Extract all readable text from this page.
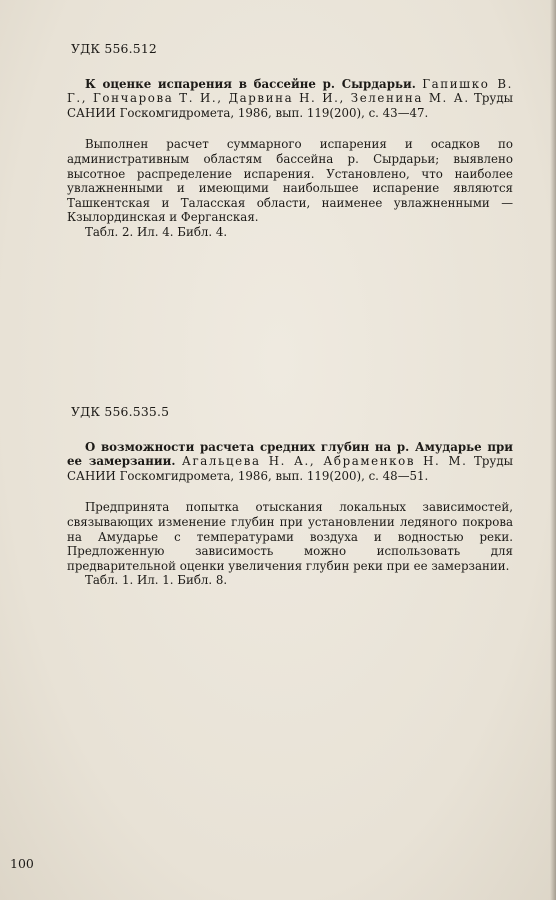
УДК 556.512

К оценке испарения в бассейне р. Сырдарьи. Гапишко В. Г., Гончарова Т. И., Дарвина Н. И., Зеленина М. А. Труды САНИИ Госкомгидромета, 1986, вып. 119(200), с. 43—47.

Выполнен расчет суммарного испарения и осадков по административным областям бассейна р. Сырдарьи; выявлено высотное распределение испарения. Установлено, что наиболее увлажненными и имеющими наибольшее испарение являются Ташкентская и Таласская области, наименее увлажненными — Кзылординская и Ферганская.

Табл. 2. Ил. 4. Библ. 4.

УДК 556.535.5

О возможности расчета средних глубин на р. Амударье при ее замерзании. Агальцева Н. А., Абраменков Н. М. Труды САНИИ Госкомгидромета, 1986, вып. 119(200), с. 48—51.

Предпринята попытка отыскания локальных зависимостей, связывающих изменение глубин при установлении ледяного покрова на Амударье с температурами воздуха и водностью реки. Предложенную зависимость можно использовать для предварительной оценки увеличения глубин реки при ее замерзании.

Табл. 1. Ил. 1. Библ. 8.

100
